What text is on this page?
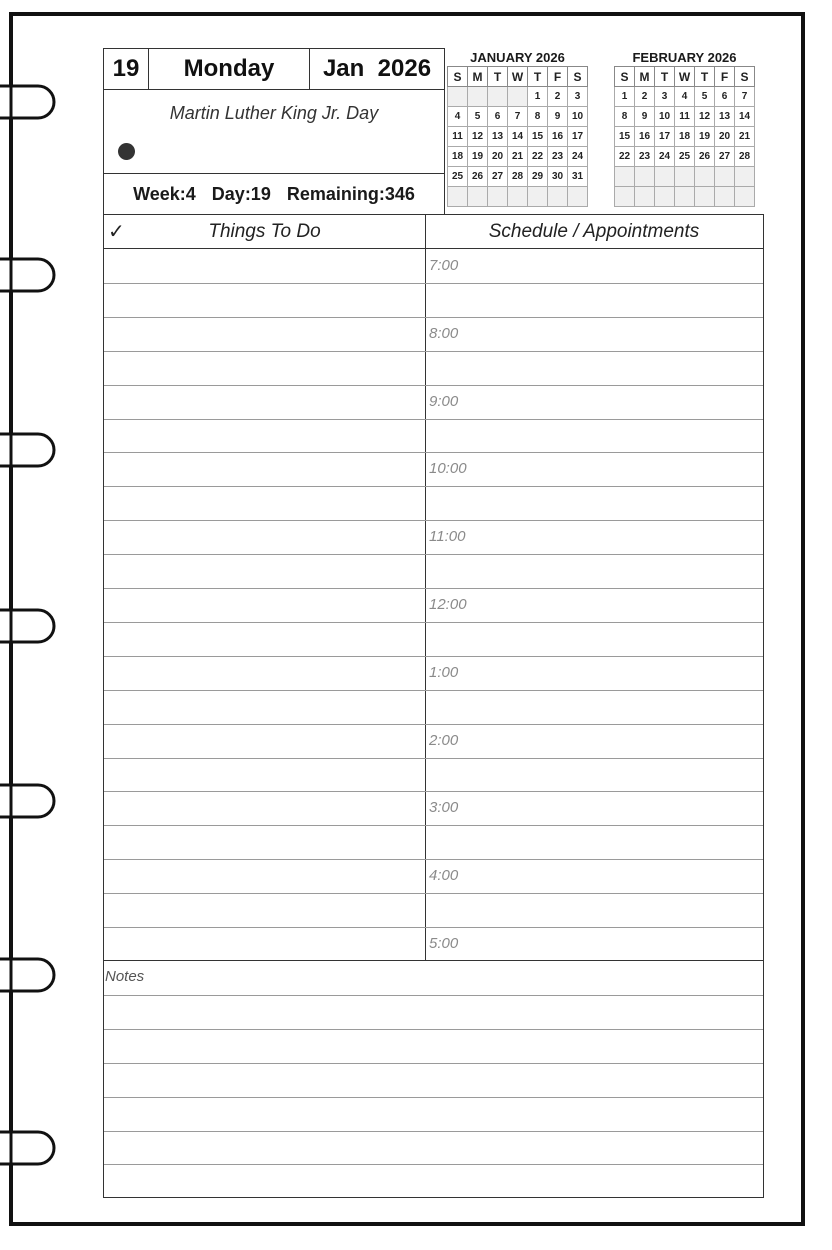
19	Monday	Jan  2026
Martin Luther King Jr. Day
Week:4 Day:19 Remaining:346
JANUARY 2026
S	M	T	W	T	F	S
				1	2	3
4	5	6	7	8	9	10
11	12	13	14	15	16	17
18	19	20	21	22	23	24
25	26	27	28	29	30	31

FEBRUARY 2026
S	M	T	W	T	F	S
1	2	3	4	5	6	7
8	9	10	11	12	13	14
15	16	17	18	19	20	21
22	23	24	25	26	27	28

✓	Things To Do	Schedule / Appointments
7:00
8:00
9:00
10:00
11:00
12:00
1:00
2:00
3:00
4:00
5:00
Notes
